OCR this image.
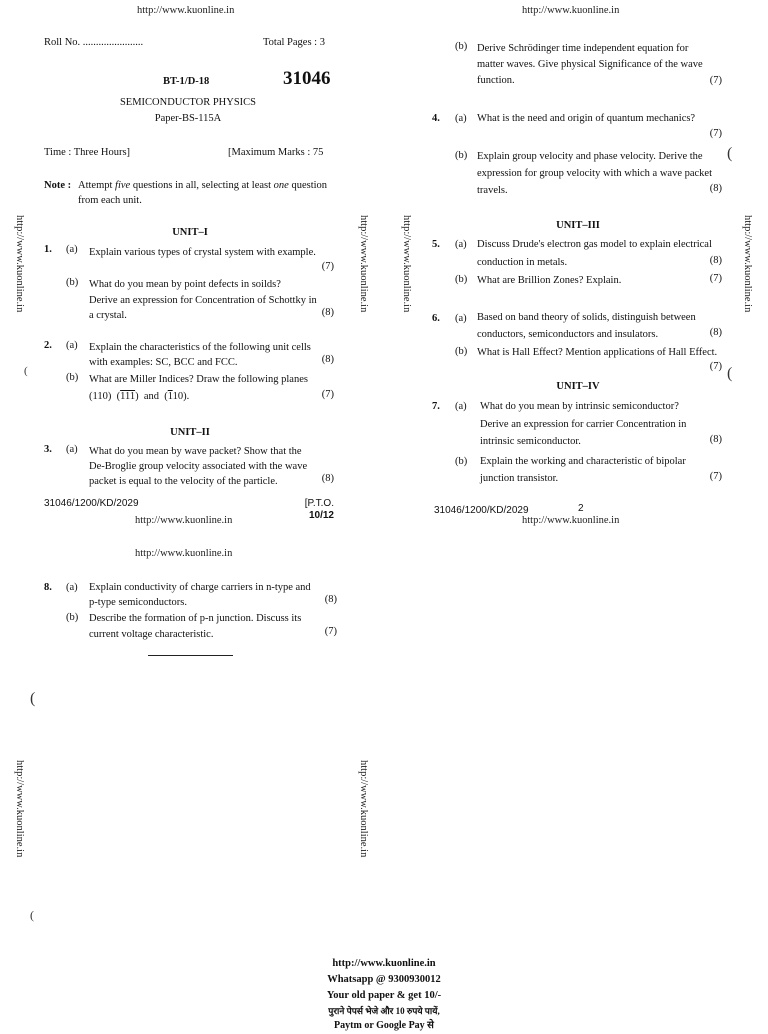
http://www.kuonline.in	http://www.kuonline.in
http://www.kuonline.in	http://www.kuonline.in	http://www.kuonline.in	http://www.kuonline.in
http://www.kuonline.in	http://www.kuonline.in
Roll No. .......................	Total Pages : 3
BT-1/D-18	31046
SEMICONDUCTOR PHYSICS
Paper-BS-115A
Time : Three Hours]	[Maximum Marks : 75
Note : Attempt five questions in all, selecting at least one question
from each unit.
UNIT–I
1. (a) Explain various types of crystal system with example.
(7)
(b) What do you mean by point defects in soilds?
Derive an expression for Concentration of Schottky in
a crystal.	(8)
2. (a) Explain the characteristics of the following unit cells
with examples: SC, BCC and FCC.	(8)
(b) What are Miller Indices? Draw the following planes
(110) (111) and (110).	(7)
UNIT–II
3. (a) What do you mean by wave packet? Show that the
De-Broglie group velocity associated with the wave
packet is equal to the velocity of the particle.	(8)
31046/1200/KD/2029	[P.T.O.
10/12
http://www.kuonline.in
(b) Derive Schrödinger time independent equation for
matter waves. Give physical Significance of the wave
function.	(7)
4. (a) What is the need and origin of quantum mechanics?
(7)
(b) Explain group velocity and phase velocity. Derive the
expression for group velocity with which a wave packet
travels.	(8)
UNIT–III
5. (a) Discuss Drude's electron gas model to explain electrical
conduction in metals.	(8)
(b) What are Brillion Zones? Explain.	(7)
6. (a) Based on band theory of solids, distinguish between
conductors, semiconductors and insulators.	(8)
(b) What is Hall Effect? Mention applications of Hall Effect.
(7)
UNIT–IV
7. (a) What do you mean by intrinsic semiconductor?
Derive an expression for carrier Concentration in
intrinsic semiconductor.	(8)
(b) Explain the working and characteristic of bipolar
junction transistor.	(7)
31046/1200/KD/2029	2
http://www.kuonline.in
http://www.kuonline.in
8. (a) Explain conductivity of charge carriers in n-type and
p-type semiconductors.	(8)
(b) Describe the formation of p-n junction. Discuss its
current voltage characteristic.	(7)
(
(
(
(
(
http://www.kuonline.in
Whatsapp @ 9300930012
Your old paper & get 10/-
पुराने पेपर्स भेजे और 10 रुपये पायें,
Paytm or Google Pay से
